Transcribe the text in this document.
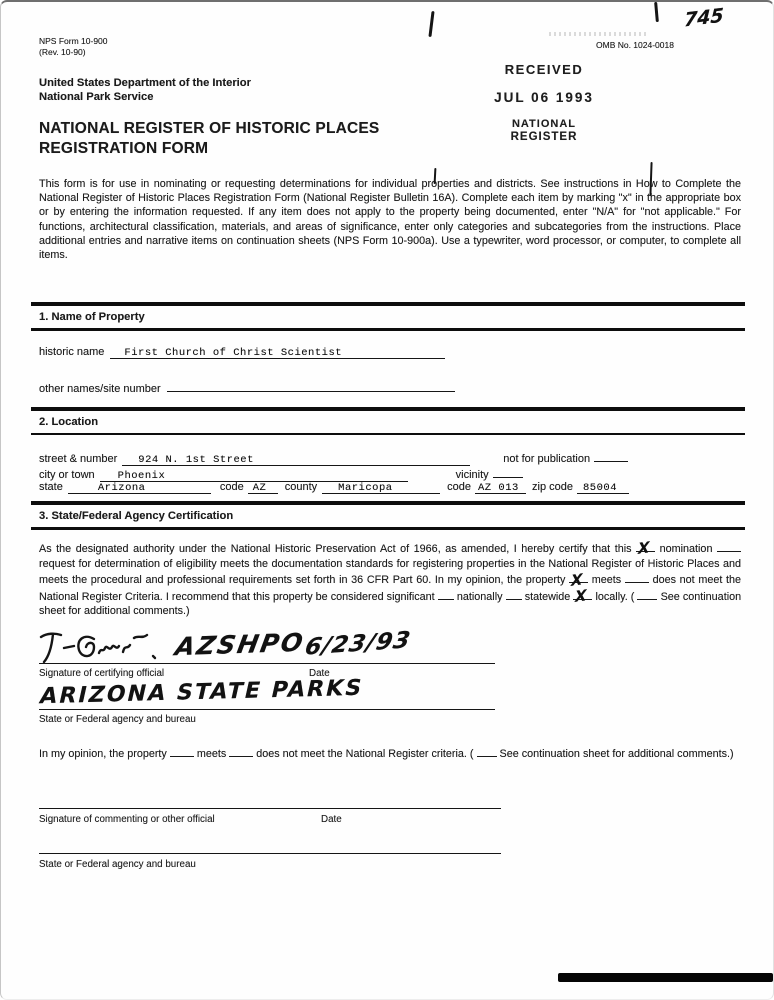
NPS Form 10-900
(Rev. 10-90)
OMB No. 1024-0018
745
United States Department of the Interior
National Park Service
NATIONAL REGISTER OF HISTORIC PLACES
REGISTRATION FORM
RECEIVED
JUL 06 1993
NATIONAL
REGISTER

This form is for use in nominating or requesting determinations for individual properties and districts. See instructions in How to Complete the National Register of Historic Places Registration Form (National Register Bulletin 16A). Complete each item by marking "x" in the appropriate box or by entering the information requested. If any item does not apply to the property being documented, enter "N/A" for "not applicable." For functions, architectural classification, materials, and areas of significance, enter only categories and subcategories from the instructions. Place additional entries and narrative items on continuation sheets (NPS Form 10-900a). Use a typewriter, word processor, or computer, to complete all items.

1. Name of Property
historic name	First Church of Christ Scientist
other names/site number
2. Location
street & number	924 N. 1st Street	not for publication
city or town	Phoenix	vicinity
state	Arizona	code AZ	county	Maricopa	code AZ 013	zip code 85004
3. State/Federal Agency Certification

As the designated authority under the National Historic Preservation Act of 1966, as amended, I hereby certify that this X nomination  request for determination of eligibility meets the documentation standards for registering properties in the National Register of Historic Places and meets the procedural and professional requirements set forth in 36 CFR Part 60. In my opinion, the property X meets	does not meet the National Register Criteria. I recommend that this property be considered significant nationally statewide X locally. ( See continuation sheet for additional comments.)

AZSHPO
6/23/93
Signature of certifying official	Date
ARIZONA STATE PARKS
State or Federal agency and bureau

In my opinion, the property	meets	does not meet the National Register criteria. ( See continuation sheet for additional comments.)

Signature of commenting or other official	Date
State or Federal agency and bureau
